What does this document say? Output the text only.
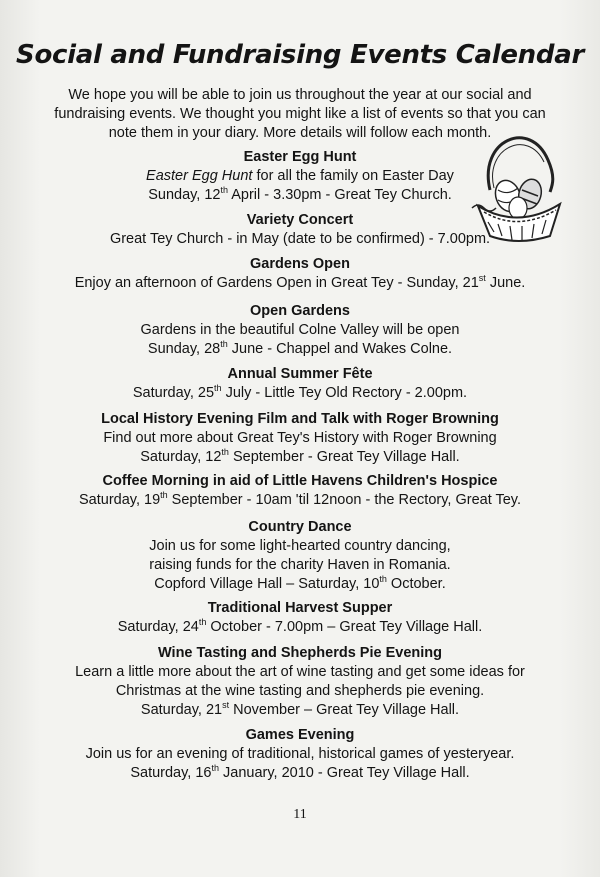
Social and Fundraising Events Calendar
We hope you will be able to join us throughout the year at our social and
fundraising events. We thought you might like a list of events so that you can
note them in your diary. More details will follow each month.
Easter Egg Hunt

Easter Egg Hunt for all the family on Easter Day

Sunday, 12th April - 3.30pm - Great Tey Church.

Variety Concert

Great Tey Church - in May (date to be confirmed) - 7.00pm.

Gardens Open

Enjoy an afternoon of Gardens Open in Great Tey - Sunday, 21st June.

Open Gardens

Gardens in the beautiful Colne Valley will be open

Sunday, 28th June - Chappel and Wakes Colne.

Annual Summer Fête

Saturday, 25th July - Little Tey Old Rectory - 2.00pm.

Local History Evening Film and Talk with Roger Browning

Find out more about Great Tey's History with Roger Browning

Saturday, 12th September - Great Tey Village Hall.

Coffee Morning in aid of Little Havens Children's Hospice

Saturday, 19th September - 10am 'til 12noon - the Rectory, Great Tey.

Country Dance

Join us for some light-hearted country dancing,

raising funds for the charity Haven in Romania.

Copford Village Hall – Saturday, 10th October.

Traditional Harvest Supper

Saturday, 24th October - 7.00pm – Great Tey Village Hall.

Wine Tasting and Shepherds Pie Evening

Learn a little more about the art of wine tasting and get some ideas for

Christmas at the wine tasting and shepherds pie evening.

Saturday, 21st November – Great Tey Village Hall.

Games Evening

Join us for an evening of traditional, historical games of yesteryear.

Saturday, 16th January, 2010 - Great Tey Village Hall.

11
